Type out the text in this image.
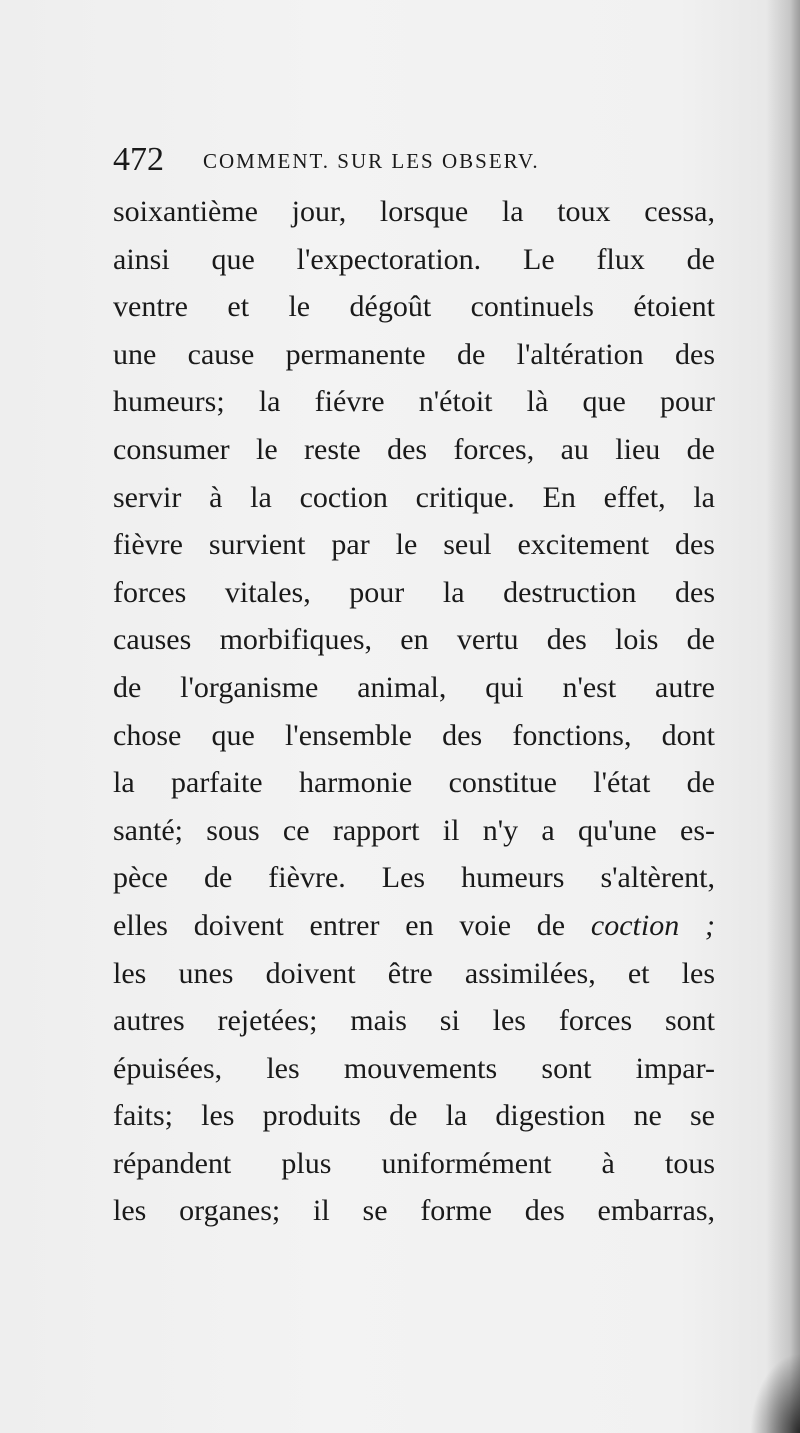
472 COMMENT. SUR LES OBSERV.
soixantième jour, lorsque la toux cessa,
ainsi que l'expectoration. Le flux de
ventre et le dégoût continuels étoient
une cause permanente de l'altération des
humeurs; la fiévre n'étoit là que pour
consumer le reste des forces, au lieu de
servir à la coction critique. En effet, la
fièvre survient par le seul excitement des
forces vitales, pour la destruction des
causes morbifiques, en vertu des lois de
de l'organisme animal, qui n'est autre
chose que l'ensemble des fonctions, dont
la parfaite harmonie constitue l'état de
santé; sous ce rapport il n'y a qu'une es-
pèce de fièvre. Les humeurs s'altèrent,
elles doivent entrer en voie de coction ;
les unes doivent être assimilées, et les
autres rejetées; mais si les forces sont
épuisées, les mouvements sont impar-
faits; les produits de la digestion ne se
répandent plus uniformément à tous
les organes; il se forme des embarras,
